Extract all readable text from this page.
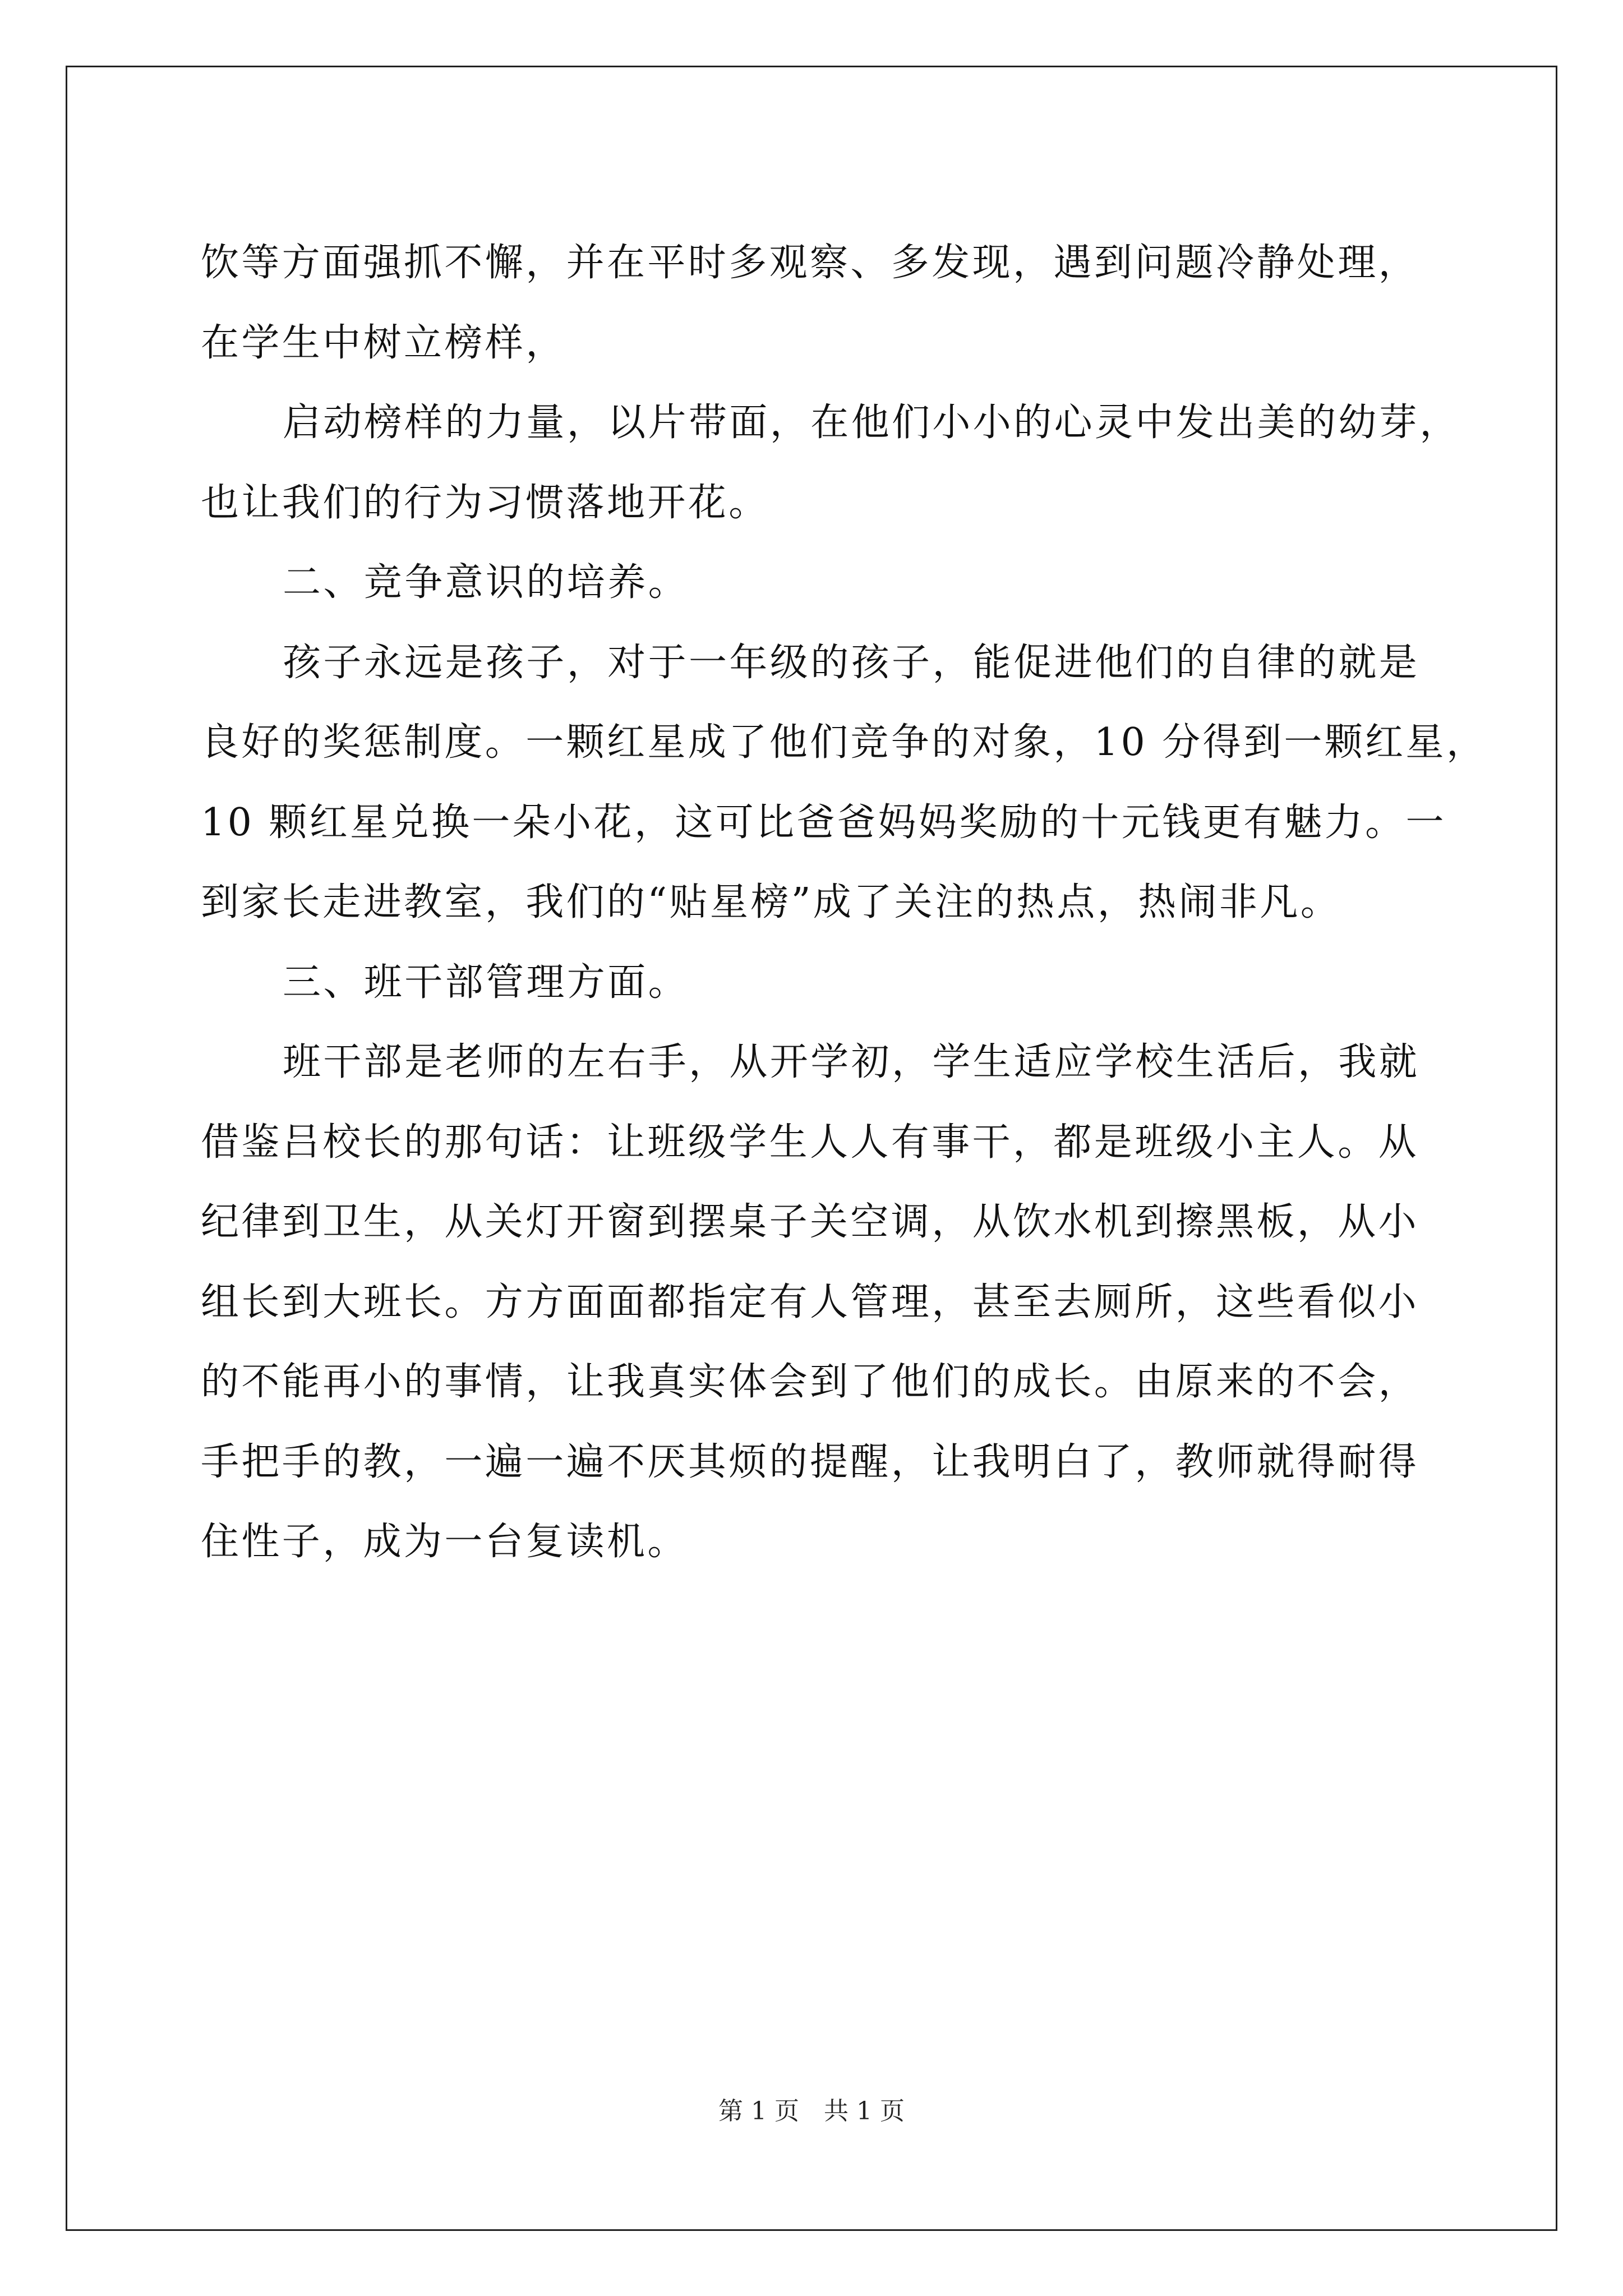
饮等方面强抓不懈，并在平时多观察、多发现，遇到问题冷静处理，
在学生中树立榜样，
启动榜样的力量，以片带面，在他们小小的心灵中发出美的幼芽，
也让我们的行为习惯落地开花。
二、竞争意识的培养。
孩子永远是孩子，对于一年级的孩子，能促进他们的自律的就是
良好的奖惩制度。一颗红星成了他们竞争的对象，10 分得到一颗红星，
10 颗红星兑换一朵小花，这可比爸爸妈妈奖励的十元钱更有魅力。一
到家长走进教室，我们的“贴星榜”成了关注的热点，热闹非凡。
三、班干部管理方面。
班干部是老师的左右手，从开学初，学生适应学校生活后，我就
借鉴吕校长的那句话：让班级学生人人有事干，都是班级小主人。从
纪律到卫生，从关灯开窗到摆桌子关空调，从饮水机到擦黑板，从小
组长到大班长。方方面面都指定有人管理，甚至去厕所，这些看似小
的不能再小的事情，让我真实体会到了他们的成长。由原来的不会，
手把手的教，一遍一遍不厌其烦的提醒，让我明白了，教师就得耐得
住性子，成为一台复读机。
第 1 页　共 1 页
